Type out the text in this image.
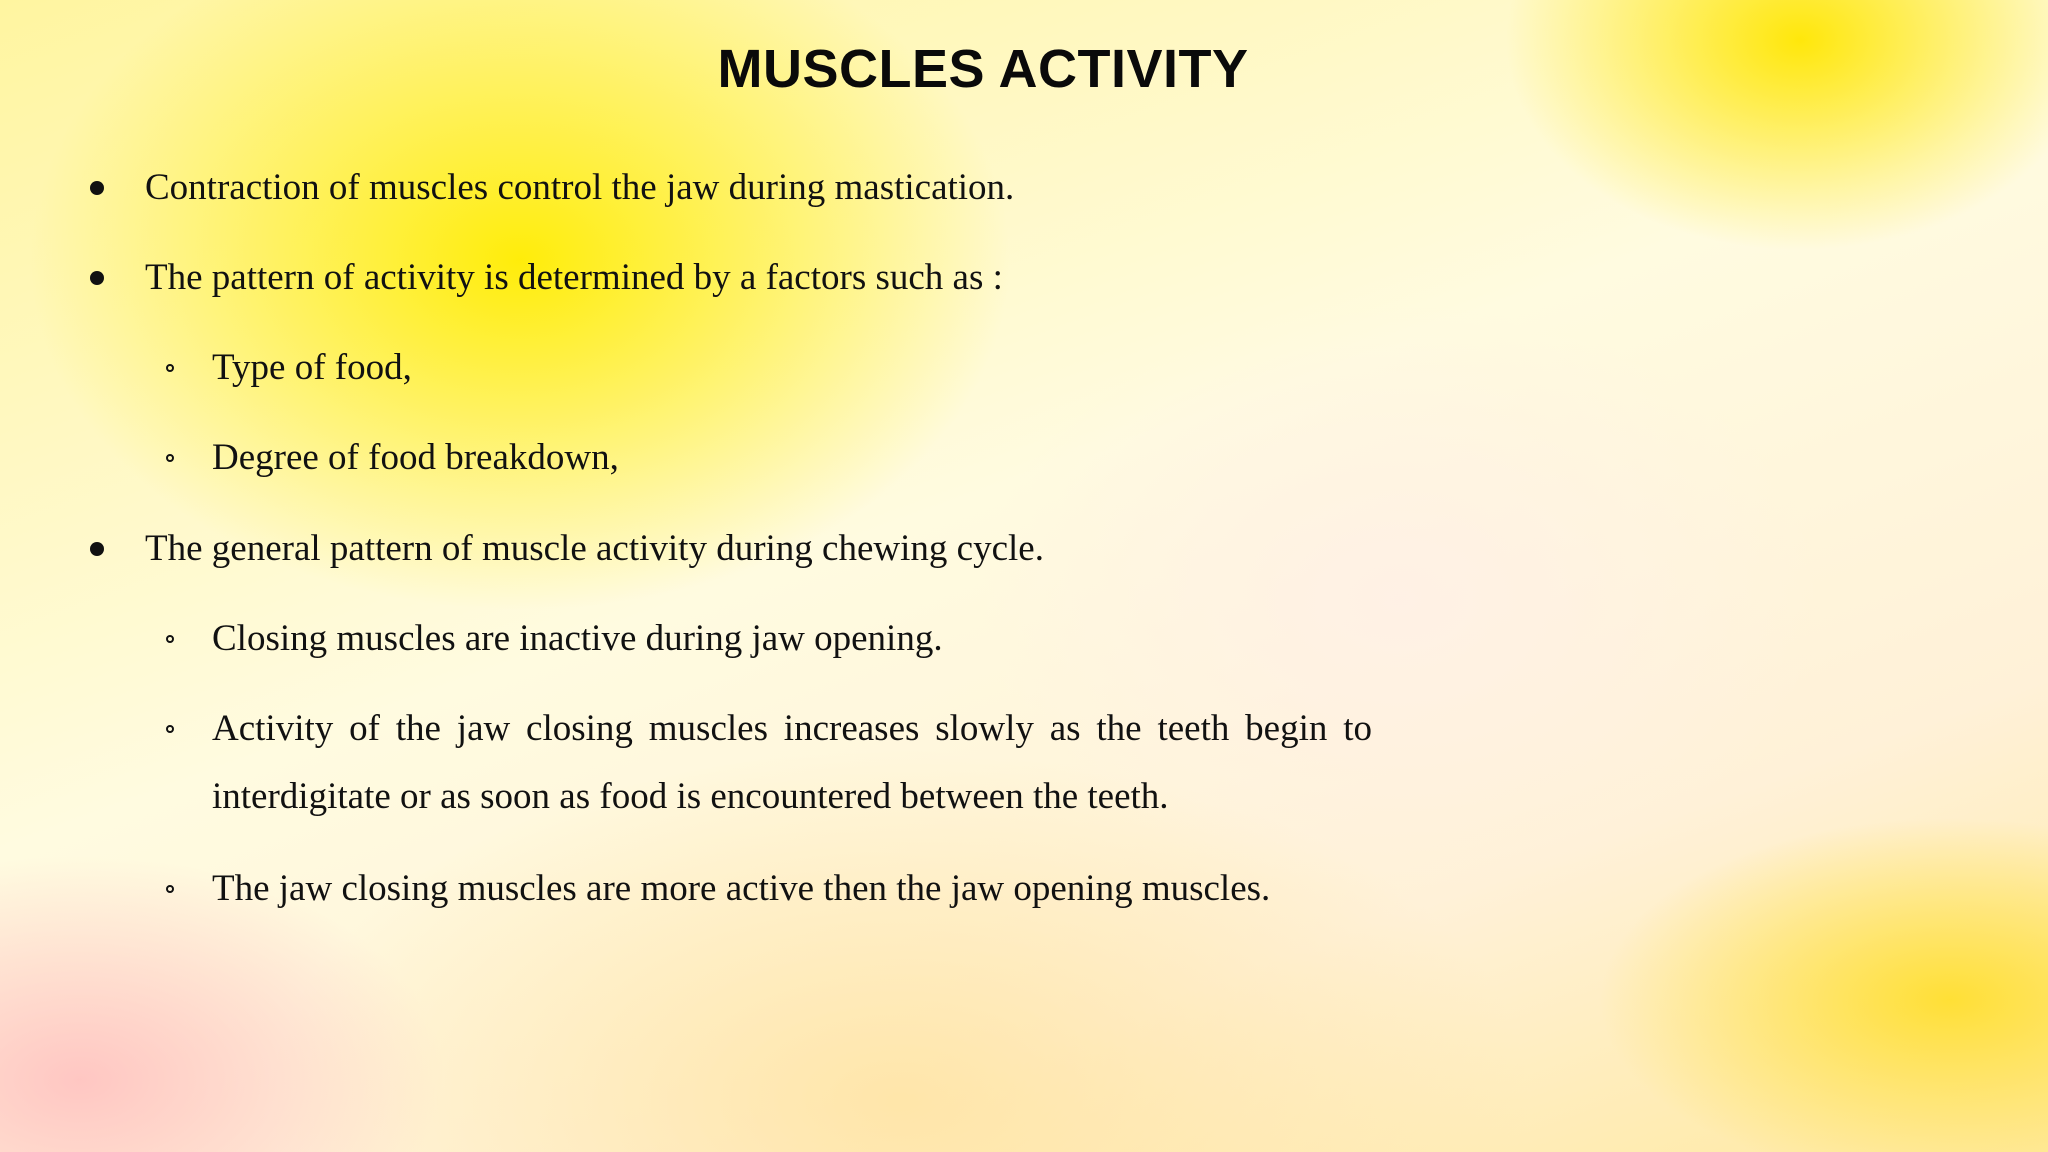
MUSCLES ACTIVITY
Contraction of muscles control the jaw during mastication.
The pattern of activity is determined by a factors such as :
Type of food,
Degree of food breakdown,
The general pattern of muscle activity during chewing cycle.
Closing muscles are inactive during jaw opening.
Activity of the jaw closing muscles increases slowly as the teeth begin to interdigitate or as soon as food is encountered between the teeth.
The jaw closing muscles are more active then the jaw opening muscles.
